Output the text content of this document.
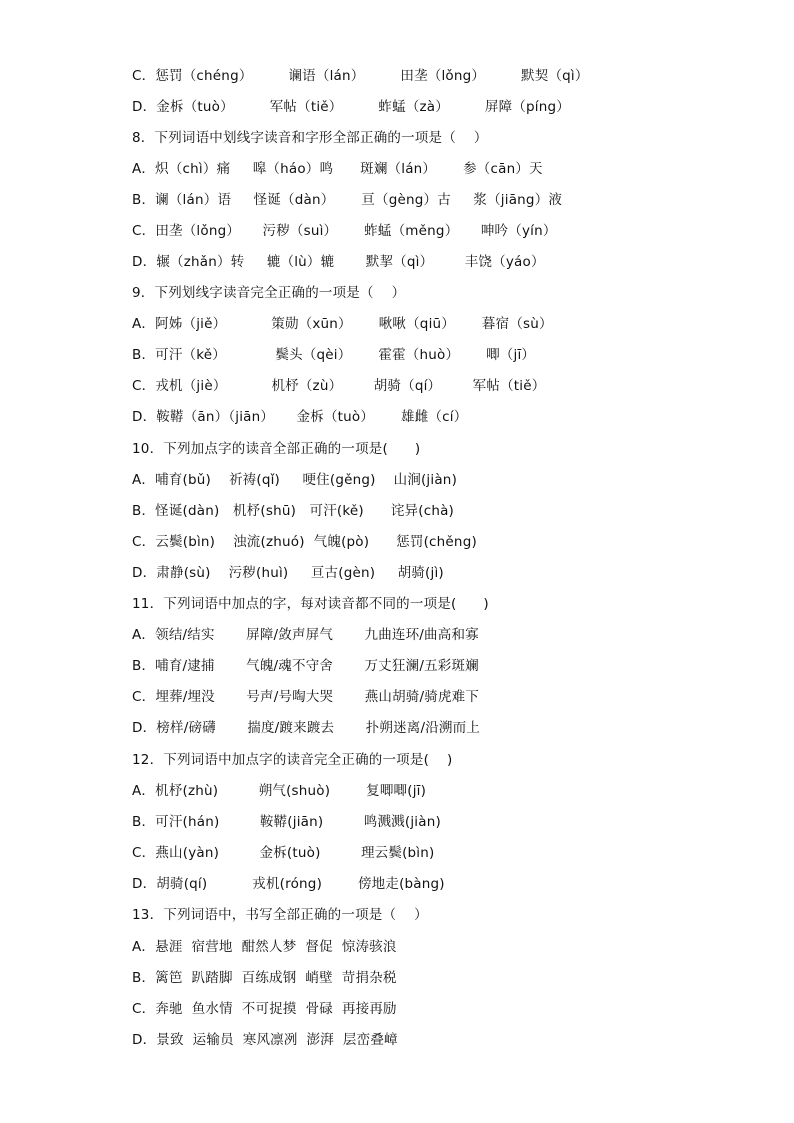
C．惩罚（chéng）        谰语（lán）        田垄（lǒng）        默契（qì）
D．金柝（tuò）        军帖（tiě）        蚱蜢（zà）        屏障（píng）
8．下列词语中划线字读音和字形全部正确的一项是（    ）
A．炽（chì）痛     嗥（háo）鸣      斑斓（lán）      参（cān）天
B．谰（lán）语     怪诞（dàn）      亘（gèng）古     浆（jiāng）液
C．田垄（lǒng）     污秽（suì）      蚱蜢（měng）     呻吟（yín）
D．辗（zhǎn）转     辘（lù）辘       默挈（qì）       丰饶（yáo）
9．下列划线字读音完全正确的一项是（    ）
A．阿姊（jiě）          策勋（xūn）      啾啾（qiū）      暮宿（sù）
B．可汗（kě）           鬓头（qèi）      霍霍（huò）      唧（jī）
C．戎机（jiè）          机杼（zù）       胡骑（qí）       军帖（tiě）
D．鞍鞯（ān）（jiān）     金柝（tuò）      雄雌（cí）
10．下列加点字的读音全部正确的一项是(      )
A．哺育(bǔ)    祈祷(qǐ)     哽住(gěng)    山涧(jiàn)
B．怪诞(dàn)   机杼(shū)   可汗(kě)      诧异(chà)
C．云鬓(bìn)    浊流(zhuó)  气魄(pò)      惩罚(chěng)
D．肃静(sù)    污秽(huì)     亘古(gèn)     胡骑(jì)
11．下列词语中加点的字，每对读音都不同的一项是(      )
A．领结/结实       屏障/敛声屏气       九曲连环/曲高和寡
B．哺育/逮捕       气魄/魂不守舍       万丈狂澜/五彩斑斓
C．埋葬/埋没       号声/号啕大哭       燕山胡骑/骑虎难下
D．榜样/磅礴       揣度/踱来踱去       扑朔迷离/沿溯而上
12．下列词语中加点字的读音完全正确的一项是(    )
A．机杼(zhù)         朔气(shuò)        复唧唧(jī)
B．可汗(hán)         鞍鞯(jiān)         鸣溅溅(jiàn)
C．燕山(yàn)         金柝(tuò)         理云鬓(bìn)
D．胡骑(qí)          戎机(róng)        傍地走(bàng)
13．下列词语中，书写全部正确的一项是（    ）
A．悬涯  宿营地  酣然人梦  督促  惊涛骇浪
B．篱笆  趴踏脚  百练成钢  峭壁  苛捐杂税
C．奔驰  鱼水情  不可捉摸  骨碌  再接再励
D．景致  运输员  寒风凛冽  澎湃  层峦叠嶂
